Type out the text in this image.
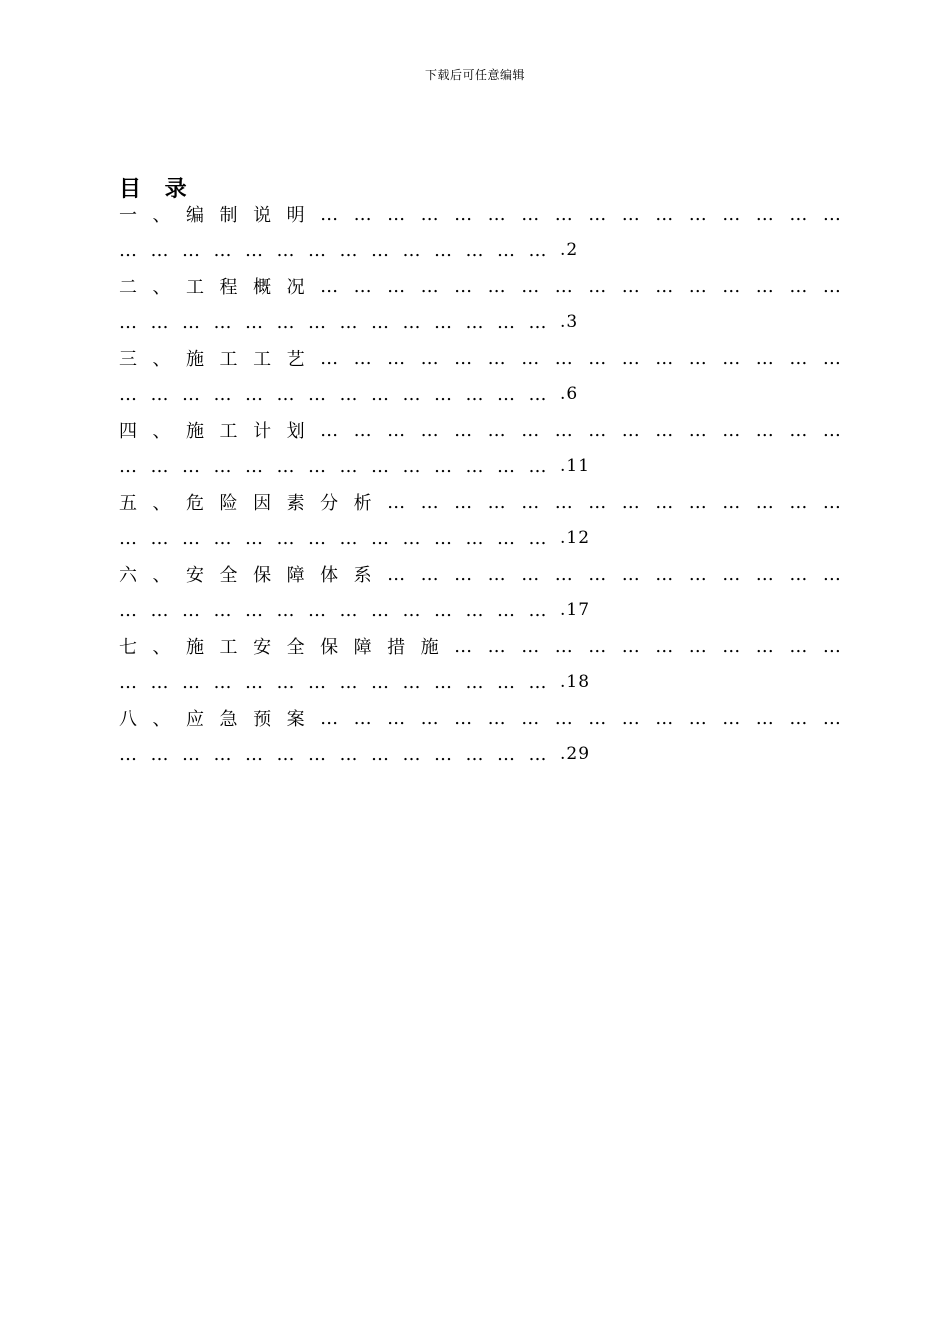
下载后可任意编辑
目 录
一 、 编 制 说 明 … … … … … … … … … … … … … … … …
…………………………………… .2
二 、 工 程 概 况 … … … … … … … … … … … … … … … …
…………………………………… .3
三 、 施 工 工 艺 … … … … … … … … … … … … … … … …
…………………………………… .6
四 、 施 工 计 划 … … … … … … … … … … … … … … … …
…………………………………… .11
五 、 危 险 因 素 分 析 … … … … … … … … … … … … … …
…………………………………… .12
六 、 安 全 保 障 体 系 … … … … … … … … … … … … … …
…………………………………… .17
七 、 施 工 安 全 保 障 措 施 … … … … … … … … … … … …
…………………………………… .18
八 、 应 急 预 案 … … … … … … … … … … … … … … … …
…………………………………… .29
